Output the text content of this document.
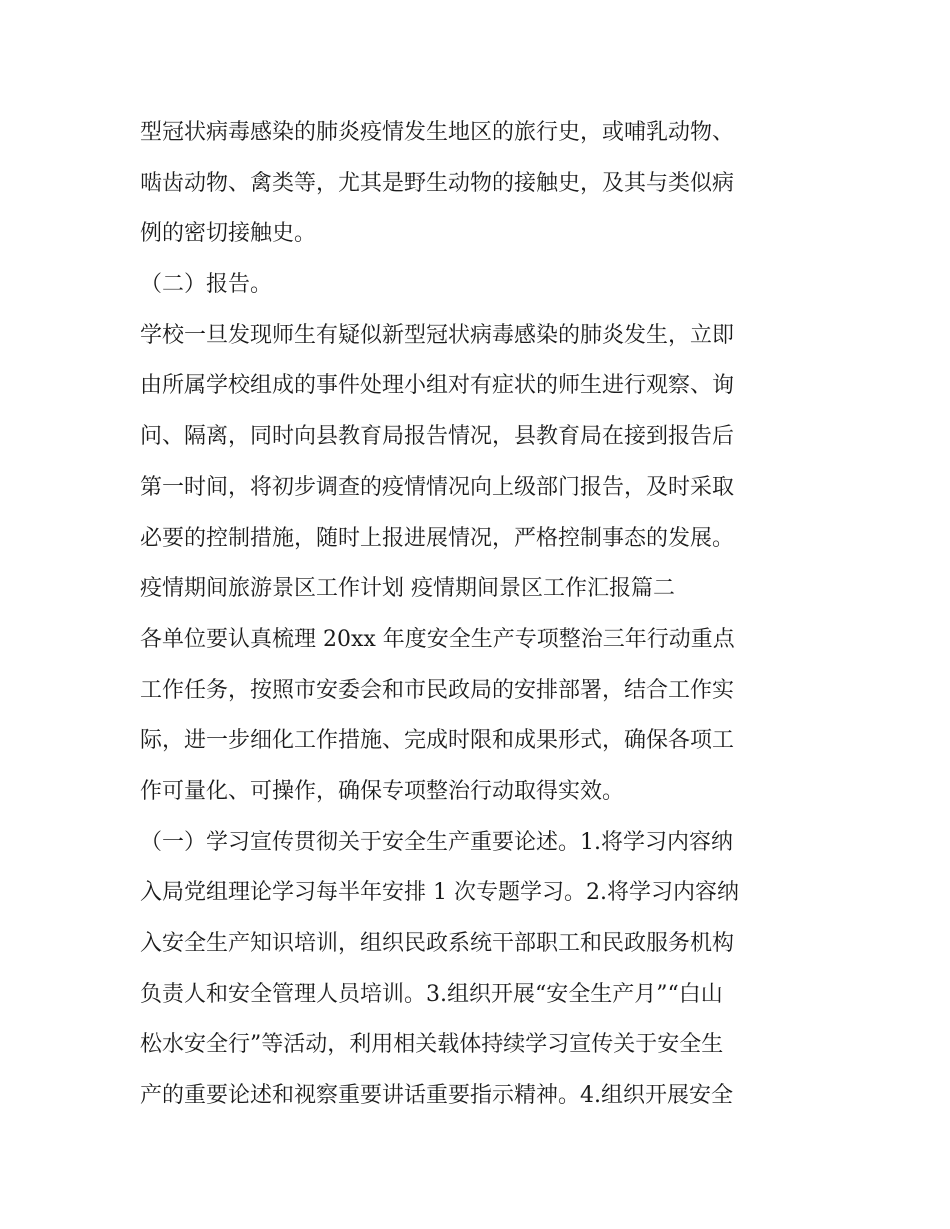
型冠状病毒感染的肺炎疫情发生地区的旅行史，或哺乳动物、
啮齿动物、禽类等，尤其是野生动物的接触史，及其与类似病
例的密切接触史。
（二）报告。
学校一旦发现师生有疑似新型冠状病毒感染的肺炎发生，立即
由所属学校组成的事件处理小组对有症状的师生进行观察、询
问、隔离，同时向县教育局报告情况，县教育局在接到报告后
第一时间，将初步调查的疫情情况向上级部门报告，及时采取
必要的控制措施，随时上报进展情况，严格控制事态的发展。
疫情期间旅游景区工作计划 疫情期间景区工作汇报篇二
各单位要认真梳理 20xx 年度安全生产专项整治三年行动重点
工作任务，按照市安委会和市民政局的安排部署，结合工作实
际，进一步细化工作措施、完成时限和成果形式，确保各项工
作可量化、可操作，确保专项整治行动取得实效。
（一）学习宣传贯彻关于安全生产重要论述。1.将学习内容纳
入局党组理论学习每半年安排 1 次专题学习。2.将学习内容纳
入安全生产知识培训，组织民政系统干部职工和民政服务机构
负责人和安全管理人员培训。3.组织开展“安全生产月”“白山
松水安全行”等活动，利用相关载体持续学习宣传关于安全生
产的重要论述和视察重要讲话重要指示精神。4.组织开展安全
